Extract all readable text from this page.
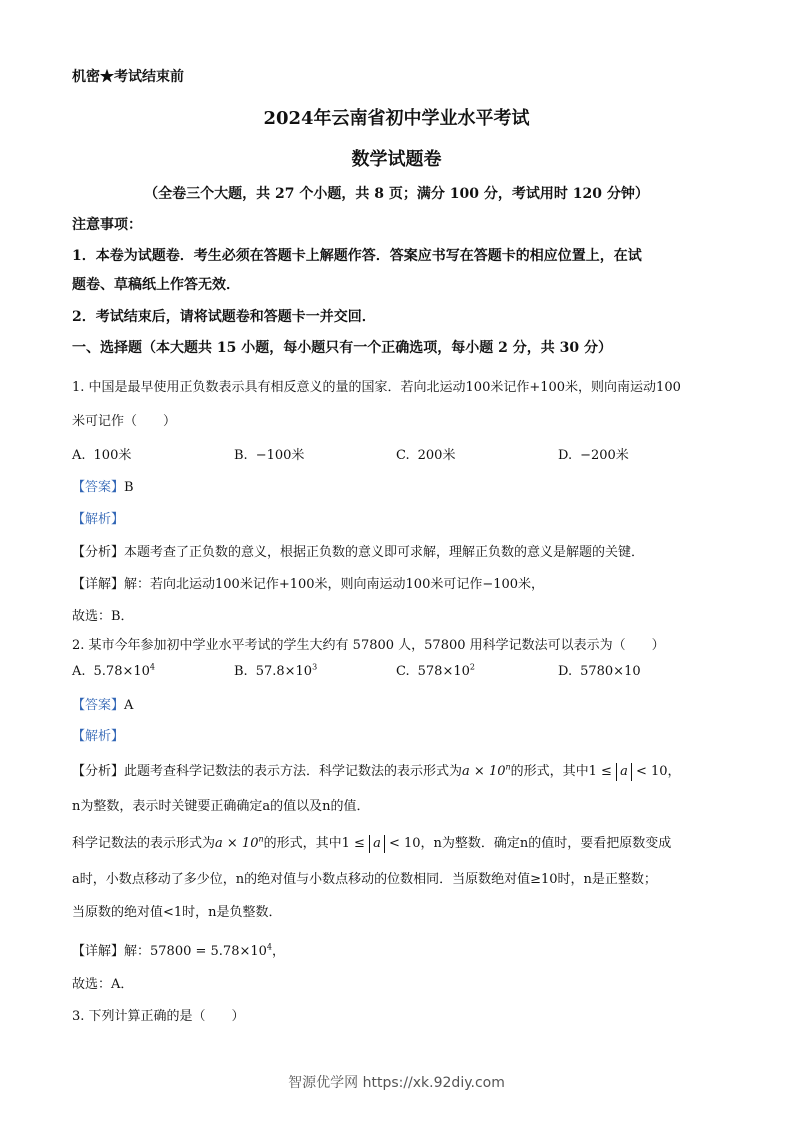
机密★考试结束前
2024年云南省初中学业水平考试
数学试题卷
（全卷三个大题，共 27 个小题，共 8 页；满分 100 分，考试用时 120 分钟）
注意事项：
1．本卷为试题卷．考生必须在答题卡上解题作答．答案应书写在答题卡的相应位置上，在试
题卷、草稿纸上作答无效．
2．考试结束后，请将试题卷和答题卡一并交回．
一、选择题（本大题共 15 小题，每小题只有一个正确选项，每小题 2 分，共 30 分）
1. 中国是最早使用正负数表示具有相反意义的量的国家．若向北运动100米记作+100米，则向南运动100
米可记作（　　）
A. 100米	B. −100米	C. 200米	D. −200米
【答案】B
【解析】
【分析】本题考查了正负数的意义，根据正负数的意义即可求解，理解正负数的意义是解题的关键．
【详解】解：若向北运动100米记作+100米，则向南运动100米可记作−100米，
故选：B．
2. 某市今年参加初中学业水平考试的学生大约有 57800 人，57800 用科学记数法可以表示为（　　）
A. $5.78\times 10^4$	B. $57.8\times 10^3$	C. $578\times 10^2$	D. 5780×10
【答案】A
【解析】
【分析】此题考查科学记数法的表示方法．科学记数法的表示形式为$a \times 10^n$的形式，其中1 ≤ a < 10，
n为整数，表示时关键要正确确定a的值以及n的值．
科学记数法的表示形式为$a \times 10^n$的形式，其中1 ≤ a < 10，n为整数．确定n的值时，要看把原数变成
a时，小数点移动了多少位，n的绝对值与小数点移动的位数相同．当原数绝对值≥10时，n是正整数；
当原数的绝对值<1时，n是负整数．
【详解】解：$57800 = 5.78\times 10^4$，
故选：A．
3. 下列计算正确的是（　　）
智源优学网 https://xk.92diy.com
